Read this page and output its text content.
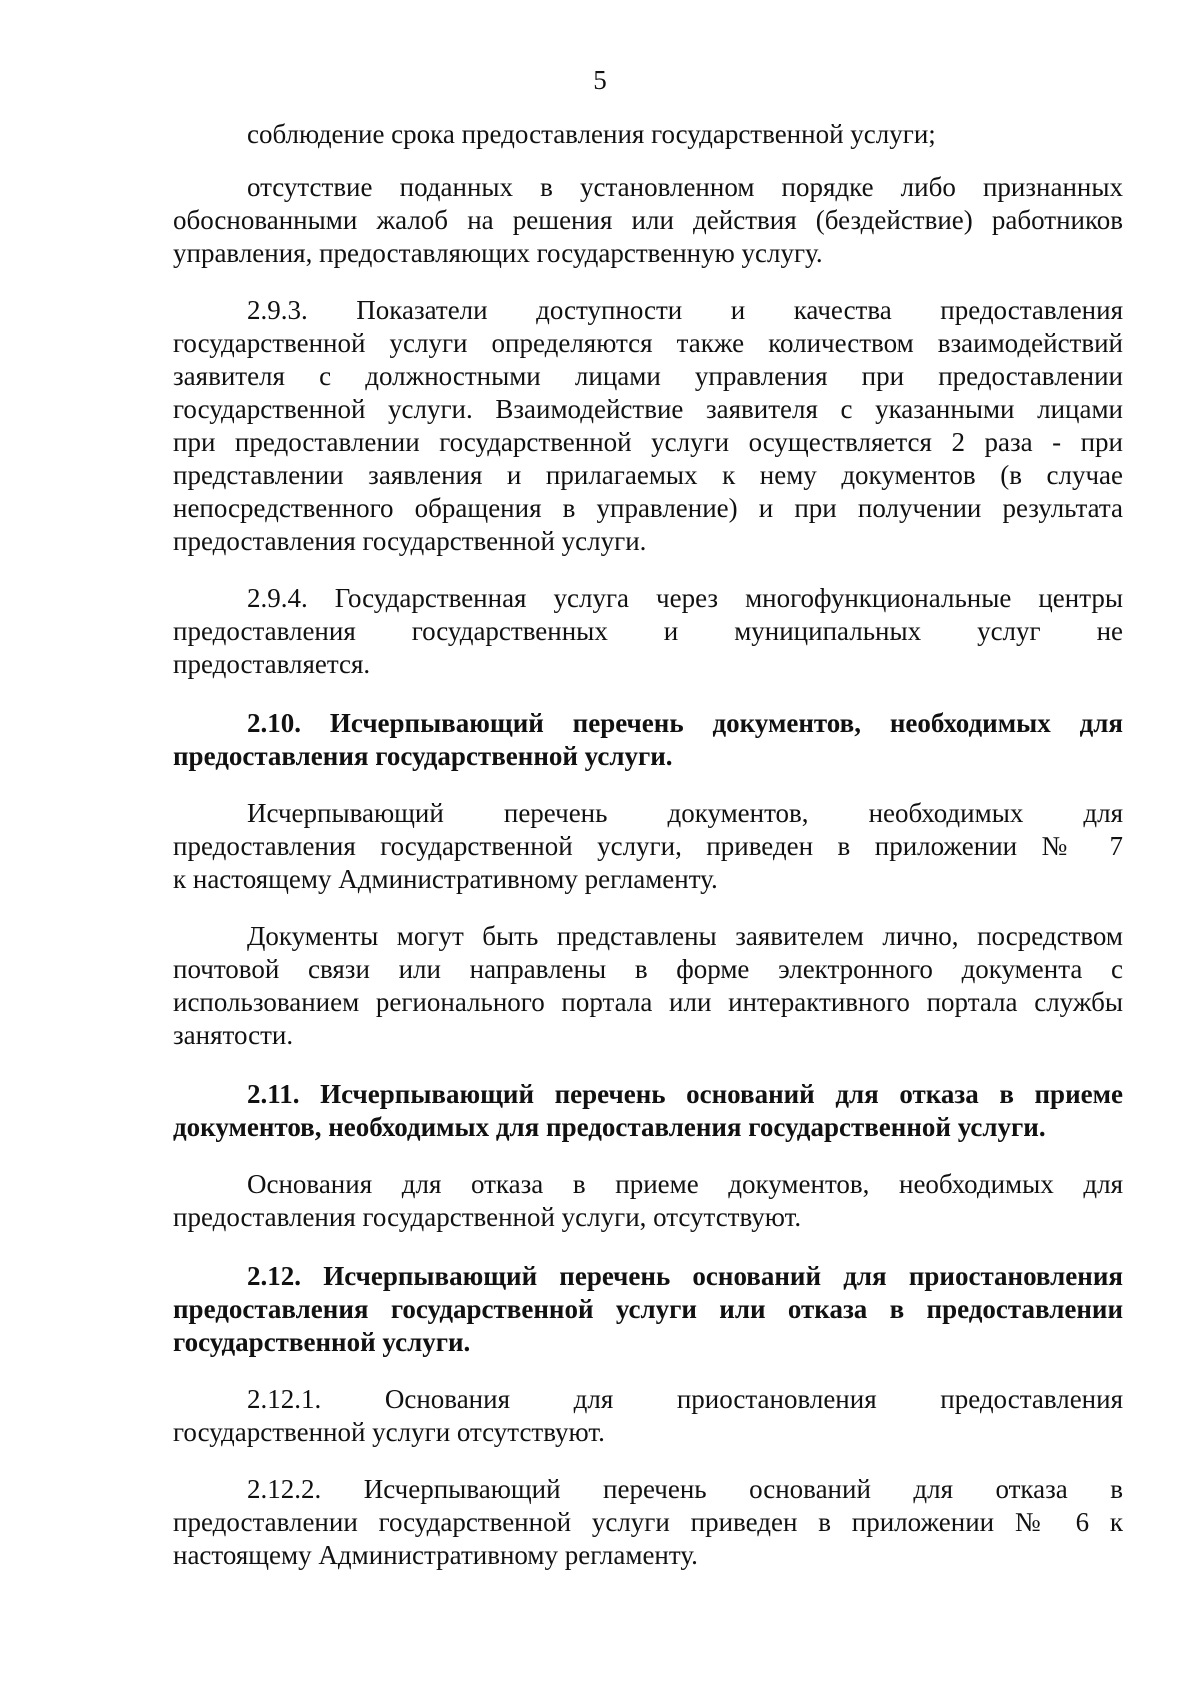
5

соблюдение срока предоставления государственной услуги;

отсутствие поданных в установленном порядке либо признанных
обоснованными жалоб на решения или действия (бездействие) работников
управления, предоставляющих государственную услугу.
2.9.3. Показатели доступности и качества предоставления
государственной услуги определяются также количеством взаимодействий
заявителя с должностными лицами управления при предоставлении
государственной услуги. Взаимодействие заявителя с указанными лицами
при предоставлении государственной услуги осуществляется 2 раза - при
представлении заявления и прилагаемых к нему документов (в случае
непосредственного обращения в управление) и при получении результата
предоставления государственной услуги.
2.9.4. Государственная услуга через многофункциональные центры
предоставления государственных и муниципальных услуг не
предоставляется.
2.10. Исчерпывающий перечень документов, необходимых для
предоставления государственной услуги.
Исчерпывающий перечень документов, необходимых для
предоставления государственной услуги, приведен в приложении № 7
к настоящему Административному регламенту.
Документы могут быть представлены заявителем лично, посредством
почтовой связи или направлены в форме электронного документа с
использованием регионального портала или интерактивного портала службы
занятости.
2.11. Исчерпывающий перечень оснований для отказа в приеме
документов, необходимых для предоставления государственной услуги.
Основания для отказа в приеме документов, необходимых для
предоставления государственной услуги, отсутствуют.
2.12. Исчерпывающий перечень оснований для приостановления
предоставления государственной услуги или отказа в предоставлении
государственной услуги.
2.12.1. Основания для приостановления предоставления
государственной услуги отсутствуют.
2.12.2. Исчерпывающий перечень оснований для отказа в
предоставлении государственной услуги приведен в приложении № 6 к
настоящему Административному регламенту.
